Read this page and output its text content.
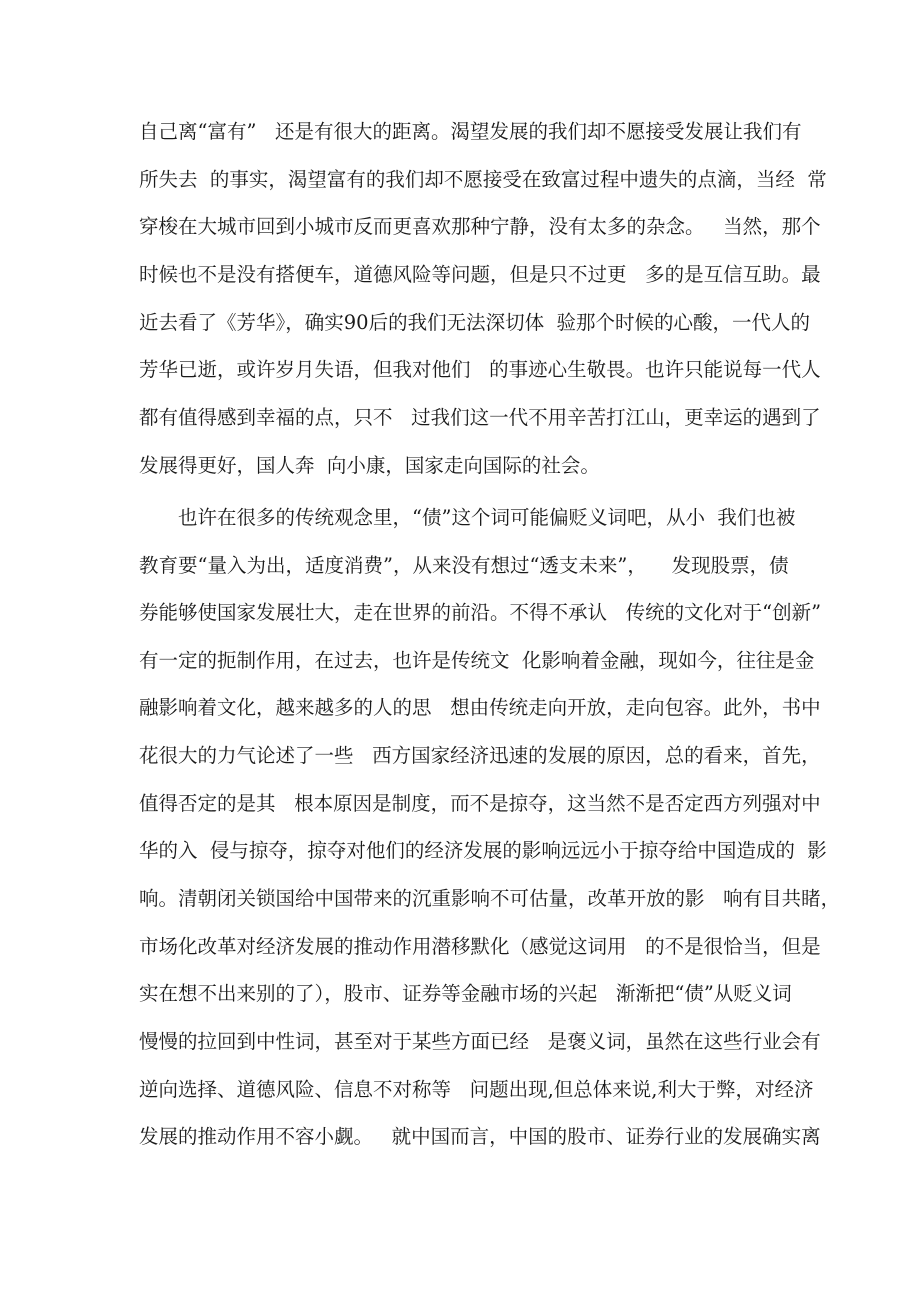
自己离“富有”   还是有很大的距离。渴望发展的我们却不愿接受发展让我们有

所失去  的事实，渴望富有的我们却不愿接受在致富过程中遗失的点滴，当经  常

穿梭在大城市回到小城市反而更喜欢那种宁静，没有太多的杂念。   当然，那个

时候也不是没有搭便车，道德风险等问题，但是只不过更   多的是互信互助。最

近去看了《芳华》，确实90后的我们无法深切体  验那个时候的心酸，一代人的

芳华已逝，或许岁月失语，但我对他们   的事迹心生敬畏。也许只能说每一代人

都有值得感到幸福的点，只不   过我们这一代不用辛苦打江山，更幸运的遇到了

发展得更好，国人奔  向小康，国家走向国际的社会。

也许在很多的传统观念里，“债”这个词可能偏贬义词吧，从小  我们也被

教育要“量入为出，适度消费”，从来没有想过“透支未来”，    发现股票，债

券能够使国家发展壮大，走在世界的前沿。不得不承认   传统的文化对于“创新”

有一定的扼制作用，在过去，也许是传统文  化影响着金融，现如今，往往是金

融影响着文化，越来越多的人的思   想由传统走向开放，走向包容。此外，书中

花很大的力气论述了一些   西方国家经济迅速的发展的原因，总的看来，首先，

值得否定的是其   根本原因是制度，而不是掠夺，这当然不是否定西方列强对中

华的入  侵与掠夺，掠夺对他们的经济发展的影响远远小于掠夺给中国造成的  影

响。清朝闭关锁国给中国带来的沉重影响不可估量，改革开放的影   响有目共睹，

市场化改革对经济发展的推动作用潜移默化（感觉这词用   的不是很恰当，但是

实在想不出来别的了），股市、证券等金融市场的兴起   渐渐把“债”从贬义词

慢慢的拉回到中性词，甚至对于某些方面已经   是褒义词，虽然在这些行业会有

逆向选择、道德风险、信息不对称等   问题出现,但总体来说,利大于弊，对经济

发展的推动作用不容小觑。   就中国而言，中国的股市、证券行业的发展确实离
